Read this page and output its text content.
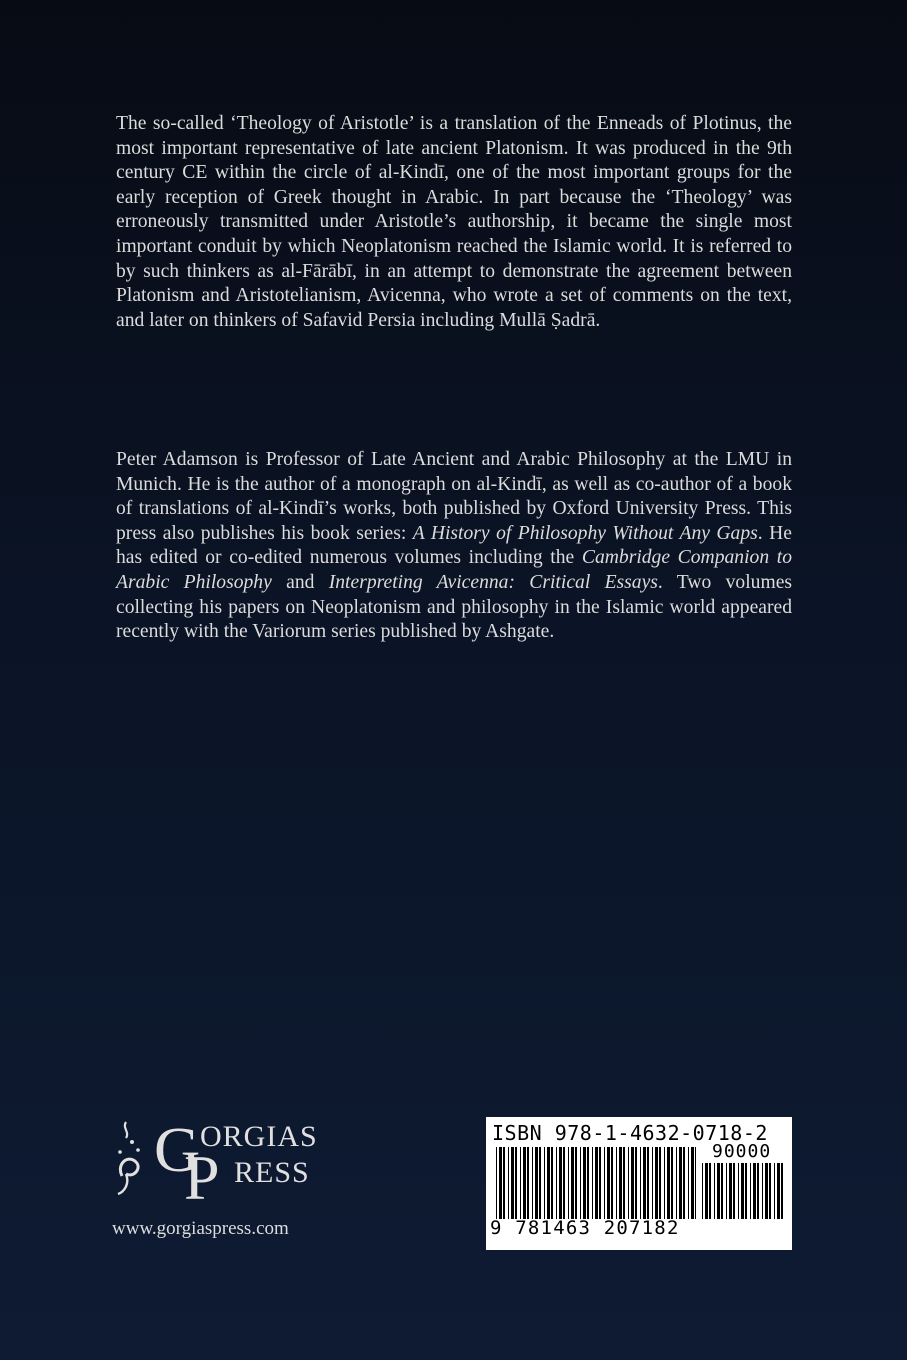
The so-called ‘Theology of Aristotle’ is a translation of the Enneads of Plotinus, the most important representative of late ancient Platonism. It was produced in the 9th century CE within the circle of al-Kindī, one of the most important groups for the early reception of Greek thought in Arabic. In part because the ‘Theology’ was erroneously transmitted under Aristotle’s authorship, it became the single most important conduit by which Neoplatonism reached the Islamic world. It is referred to by such thinkers as al-Fārābī, in an attempt to demonstrate the agreement between Platonism and Aristotelianism, Avicenna, who wrote a set of comments on the text, and later on thinkers of Safavid Persia including Mullā Ṣadrā.
Peter Adamson is Professor of Late Ancient and Arabic Philosophy at the LMU in Munich. He is the author of a monograph on al-Kindī, as well as co-author of a book of translations of al-Kindī’s works, both published by Oxford University Press. This press also publishes his book series: A History of Philosophy Without Any Gaps. He has edited or co-edited numerous volumes including the Cambridge Companion to Arabic Philosophy and Interpreting Avicenna: Critical Essays. Two volumes collecting his papers on Neoplatonism and philosophy in the Islamic world appeared recently with the Variorum series published by Ashgate.
G ORGIAS
P RESS
www.gorgiaspress.com
ISBN 978-1-4632-0718-2
90000
9 781463 207182
